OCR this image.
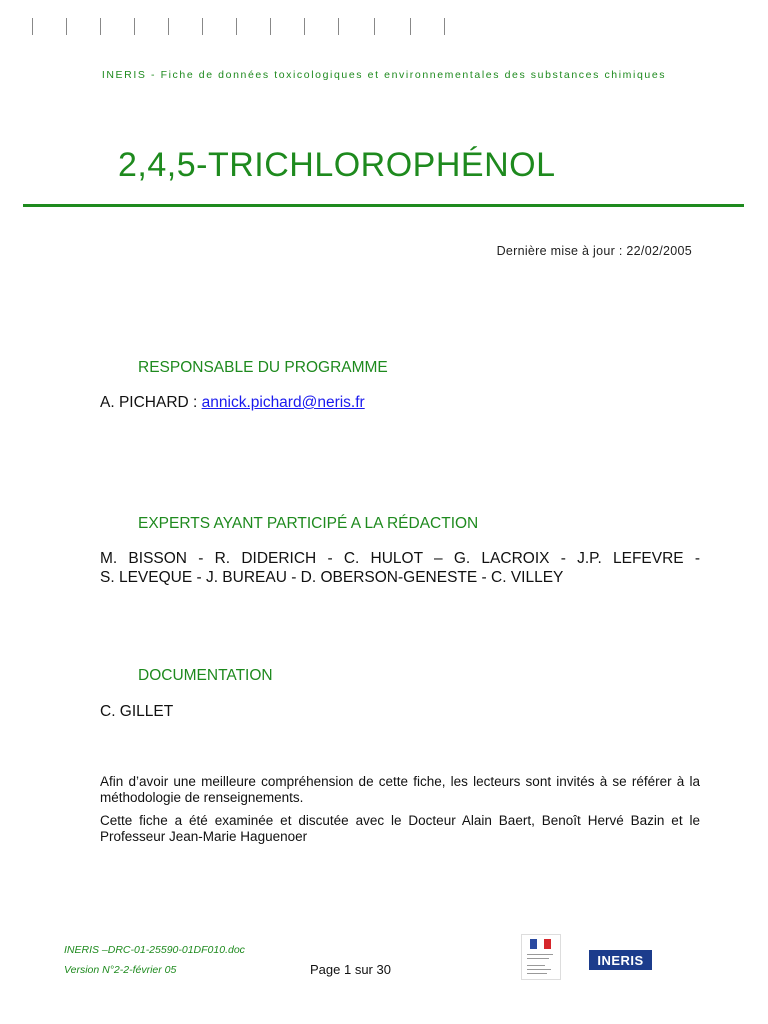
INERIS - Fiche de données toxicologiques et environnementales des substances chimiques
2,4,5-TRICHLOROPHÉNOL
Dernière mise à jour : 22/02/2005
RESPONSABLE DU PROGRAMME
A. PICHARD : annick.pichard@neris.fr
EXPERTS AYANT PARTICIPÉ A LA RÉDACTION
M. BISSON - R. DIDERICH - C. HULOT – G. LACROIX - J.P. LEFEVRE -
S. LEVEQUE - J. BUREAU - D. OBERSON-GENESTE - C. VILLEY
DOCUMENTATION
C. GILLET
Afin d’avoir une meilleure compréhension de cette fiche, les lecteurs sont invités à se référer à la méthodologie de renseignements.
Cette fiche a été examinée et discutée avec le Docteur Alain Baert, Benoît Hervé Bazin et le Professeur Jean-Marie Haguenoer
INERIS –DRC-01-25590-01DF010.doc
Version N°2-2-février 05	Page 1 sur 30
INERIS
